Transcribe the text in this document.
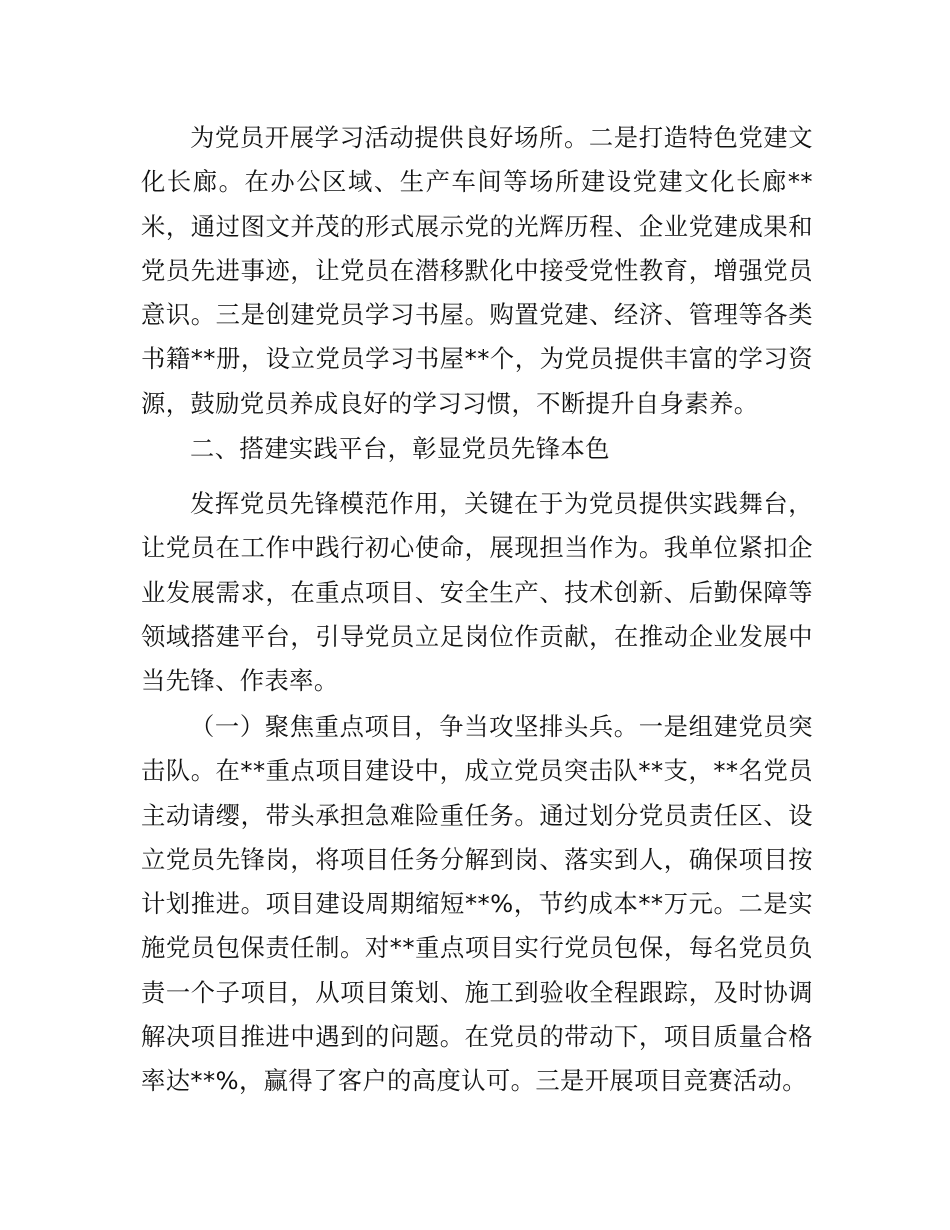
为党员开展学习活动提供良好场所。二是打造特色党建文化长廊。在办公区域、生产车间等场所建设党建文化长廊**米，通过图文并茂的形式展示党的光辉历程、企业党建成果和党员先进事迹，让党员在潜移默化中接受党性教育，增强党员意识。三是创建党员学习书屋。购置党建、经济、管理等各类书籍**册，设立党员学习书屋**个，为党员提供丰富的学习资源，鼓励党员养成良好的学习习惯，不断提升自身素养。

二、搭建实践平台，彰显党员先锋本色

发挥党员先锋模范作用，关键在于为党员提供实践舞台，让党员在工作中践行初心使命，展现担当作为。我单位紧扣企业发展需求，在重点项目、安全生产、技术创新、后勤保障等领域搭建平台，引导党员立足岗位作贡献，在推动企业发展中当先锋、作表率。

（一）聚焦重点项目，争当攻坚排头兵。一是组建党员突击队。在**重点项目建设中，成立党员突击队**支，**名党员主动请缨，带头承担急难险重任务。通过划分党员责任区、设立党员先锋岗，将项目任务分解到岗、落实到人，确保项目按计划推进。项目建设周期缩短**%，节约成本**万元。二是实施党员包保责任制。对**重点项目实行党员包保，每名党员负责一个子项目，从项目策划、施工到验收全程跟踪，及时协调解决项目推进中遇到的问题。在党员的带动下，项目质量合格率达**%，赢得了客户的高度认可。三是开展项目竞赛活动。
